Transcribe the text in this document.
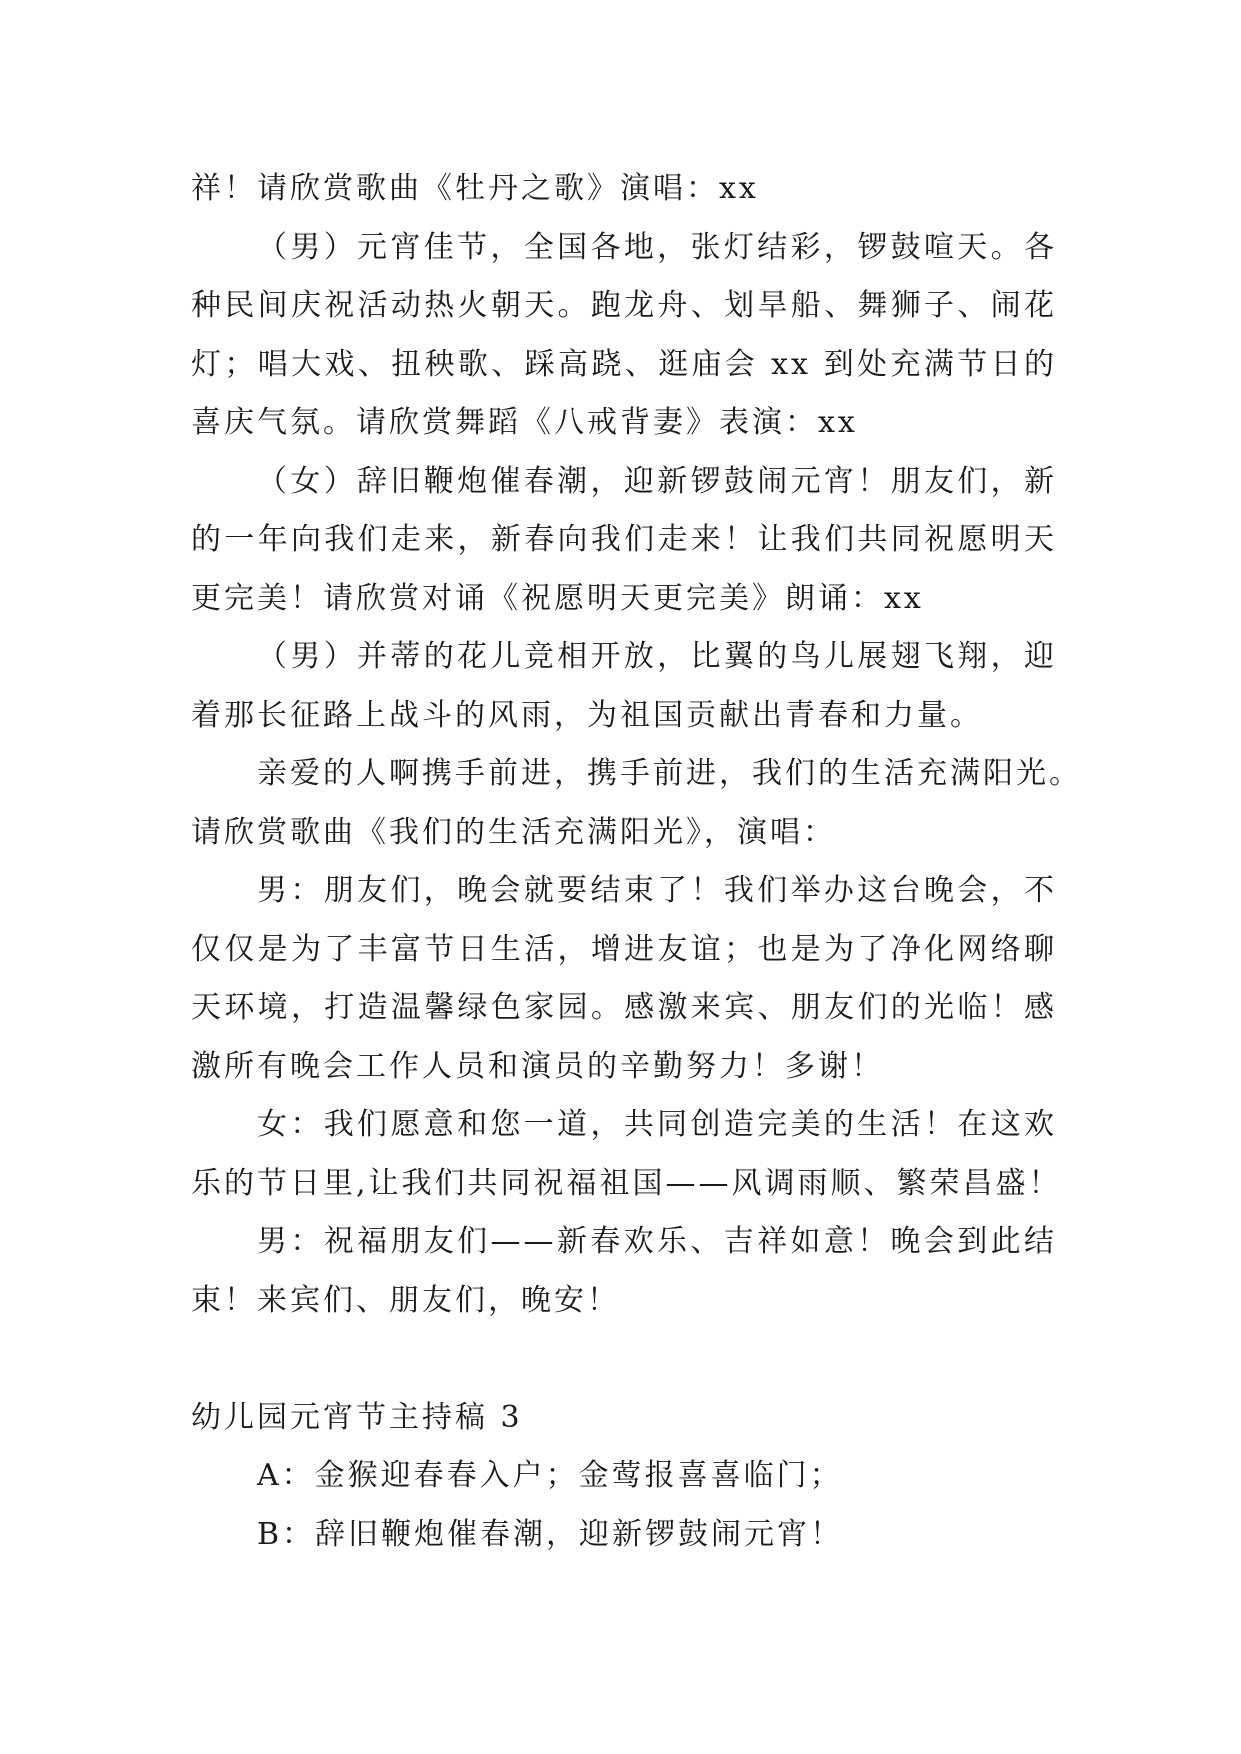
祥！请欣赏歌曲《牡丹之歌》演唱：xx
（男）元宵佳节，全国各地，张灯结彩，锣鼓喧天。各
种民间庆祝活动热火朝天。跑龙舟、划旱船、舞狮子、闹花
灯；唱大戏、扭秧歌、踩高跷、逛庙会 xx 到处充满节日的
喜庆气氛。请欣赏舞蹈《八戒背妻》表演：xx
（女）辞旧鞭炮催春潮，迎新锣鼓闹元宵！朋友们，新
的一年向我们走来，新春向我们走来！让我们共同祝愿明天
更完美！请欣赏对诵《祝愿明天更完美》朗诵：xx
（男）并蒂的花儿竞相开放，比翼的鸟儿展翅飞翔，迎
着那长征路上战斗的风雨，为祖国贡献出青春和力量。
亲爱的人啊携手前进，携手前进，我们的生活充满阳光。
请欣赏歌曲《我们的生活充满阳光》，演唱：
男：朋友们，晚会就要结束了！我们举办这台晚会，不
仅仅是为了丰富节日生活，增进友谊；也是为了净化网络聊
天环境，打造温馨绿色家园。感激来宾、朋友们的光临！感
激所有晚会工作人员和演员的辛勤努力！多谢！
女：我们愿意和您一道，共同创造完美的生活！在这欢
乐的节日里,让我们共同祝福祖国——风调雨顺、繁荣昌盛！
男：祝福朋友们——新春欢乐、吉祥如意！晚会到此结
束！来宾们、朋友们，晚安！
幼儿园元宵节主持稿 3
A：金猴迎春春入户；金莺报喜喜临门；
B：辞旧鞭炮催春潮，迎新锣鼓闹元宵！
